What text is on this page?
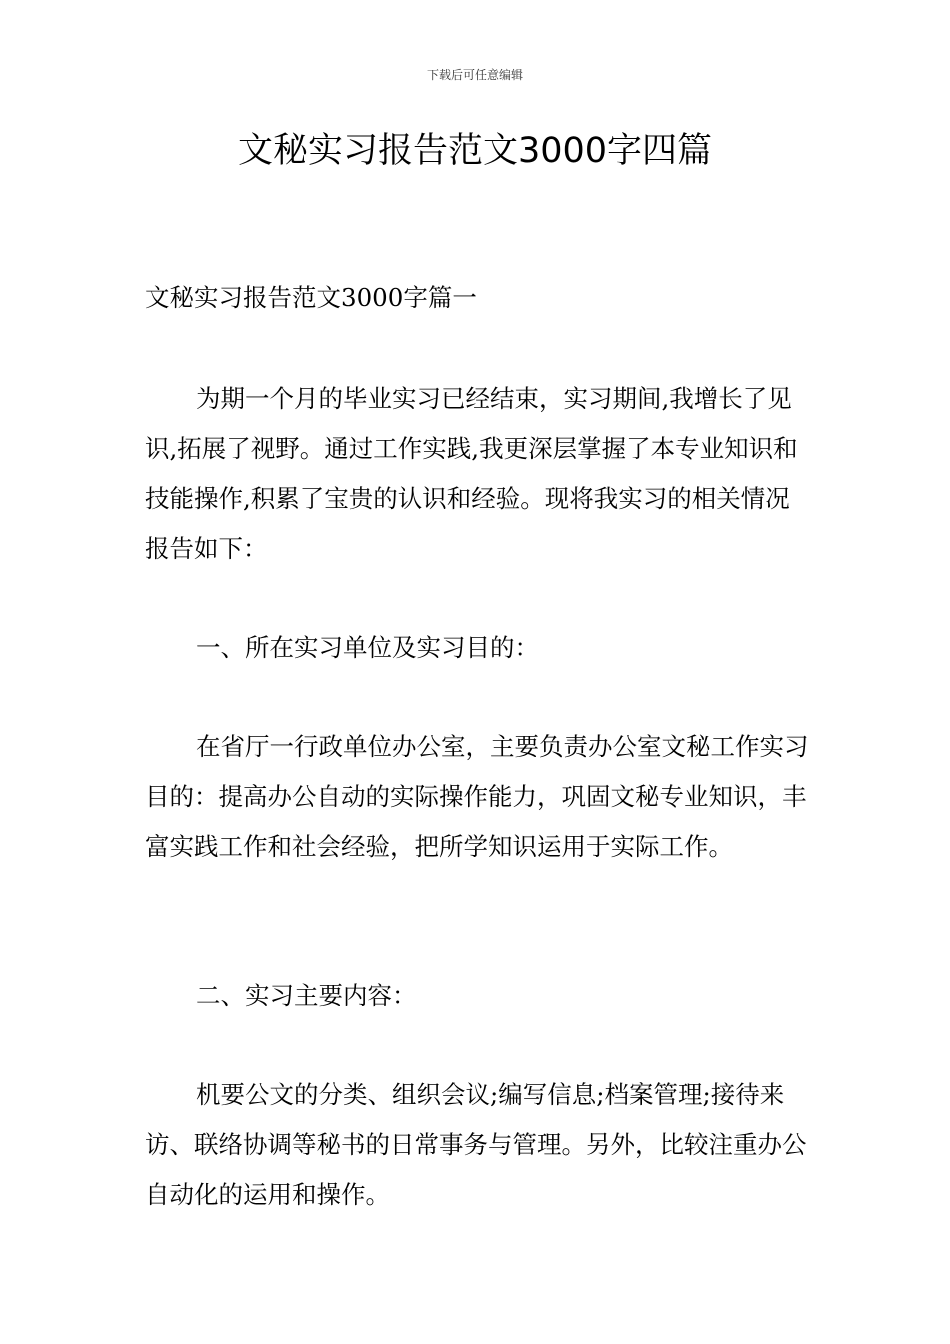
下载后可任意编辑
文秘实习报告范文3000字四篇

文秘实习报告范文3000字篇一

为期一个月的毕业实习已经结束，实习期间,我增长了见识,拓展了视野。通过工作实践,我更深层掌握了本专业知识和技能操作,积累了宝贵的认识和经验。现将我实习的相关情况报告如下：

一、所在实习单位及实习目的：

在省厅一行政单位办公室，主要负责办公室文秘工作实习目的：提高办公自动的实际操作能力，巩固文秘专业知识，丰富实践工作和社会经验，把所学知识运用于实际工作。

二、实习主要内容：

机要公文的分类、组织会议;编写信息;档案管理;接待来访、联络协调等秘书的日常事务与管理。另外，比较注重办公自动化的运用和操作。
